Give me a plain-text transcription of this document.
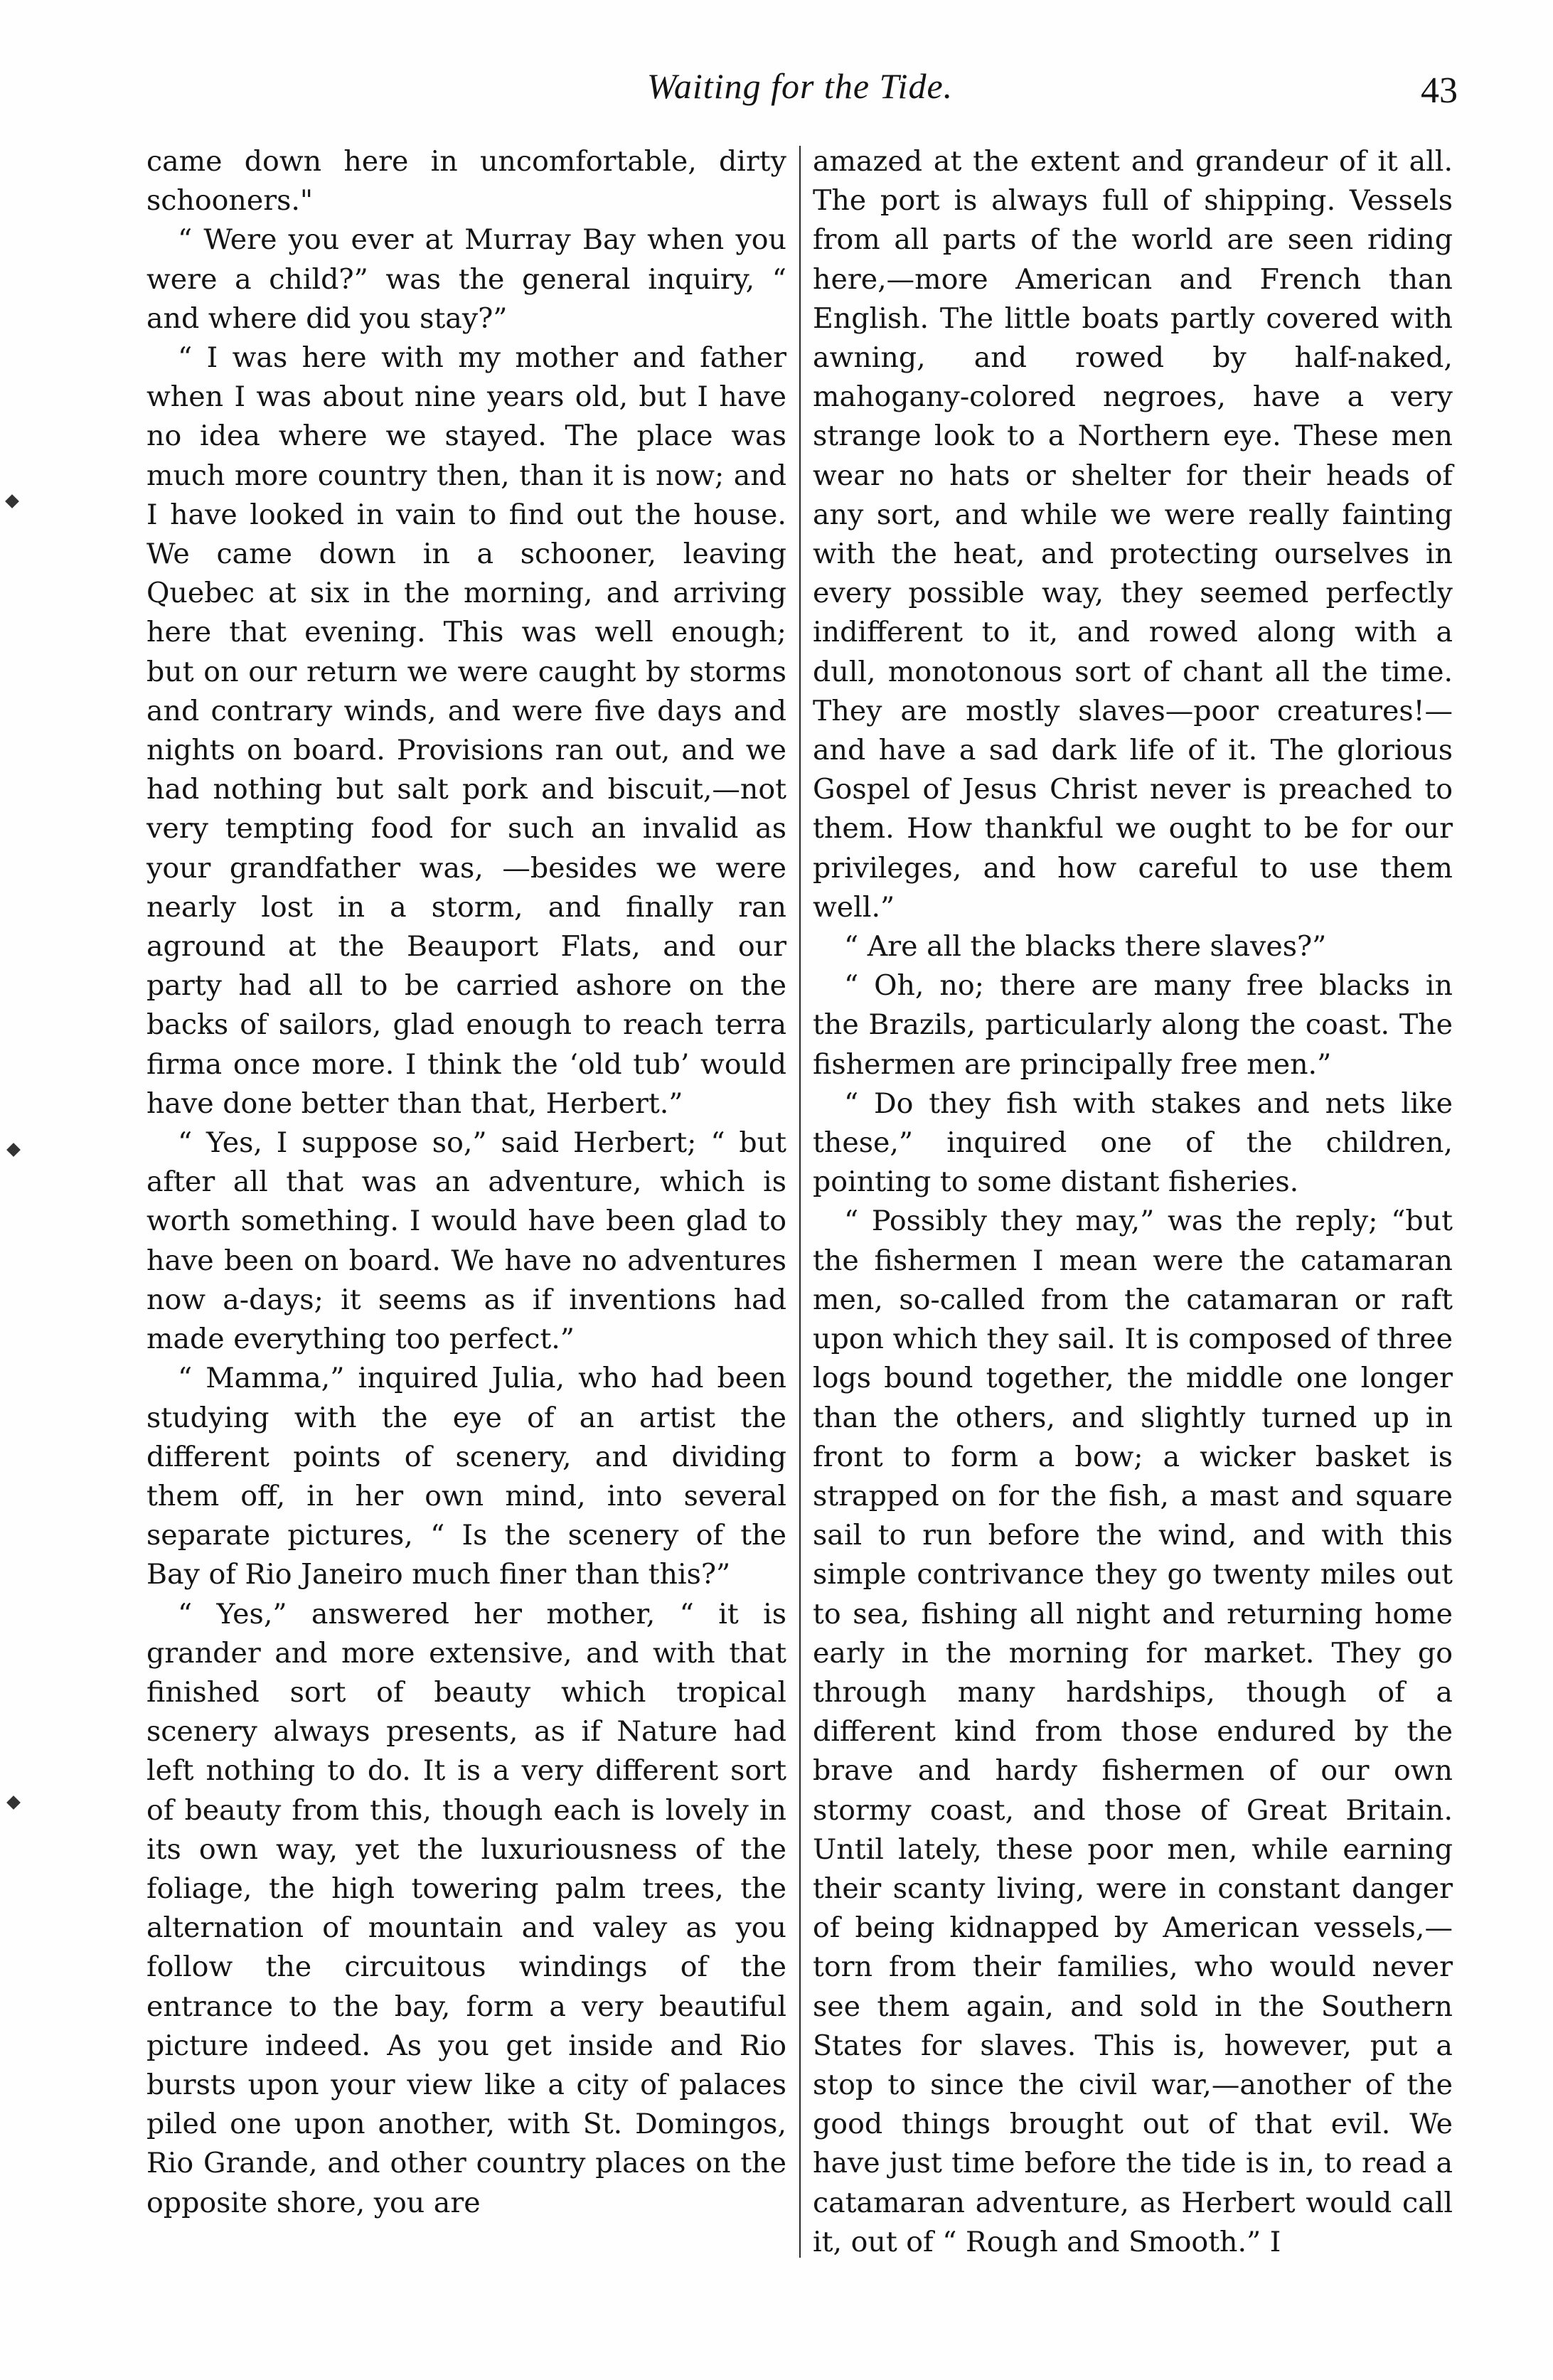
Waiting for the Tide.	43

came down here in uncomfortable, dirty schooners."

“ Were you ever at Murray Bay when you were a child?” was the general inquiry, “ and where did you stay?”

“ I was here with my mother and father when I was about nine years old, but I have no idea where we stayed. The place was much more country then, than it is now; and I have looked in vain to find out the house. We came down in a schooner, leaving Quebec at six in the morning, and arriving here that evening. This was well enough; but on our return we were caught by storms and contrary winds, and were five days and nights on board. Provisions ran out, and we had nothing but salt pork and biscuit,—not very tempting food for such an invalid as your grandfather was, —besides we were nearly lost in a storm, and finally ran aground at the Beauport Flats, and our party had all to be carried ashore on the backs of sailors, glad enough to reach terra firma once more. I think the ‘old tub’ would have done better than that, Herbert.”

“ Yes, I suppose so,” said Herbert; “ but after all that was an adventure, which is worth something. I would have been glad to have been on board. We have no adventures now a-days; it seems as if inventions had made everything too perfect.”

“ Mamma,” inquired Julia, who had been studying with the eye of an artist the different points of scenery, and dividing them off, in her own mind, into several separate pictures, “ Is the scenery of the Bay of Rio Janeiro much finer than this?”

“ Yes,” answered her mother, “ it is grander and more extensive, and with that finished sort of beauty which tropical scenery always presents, as if Nature had left nothing to do. It is a very different sort of beauty from this, though each is lovely in its own way, yet the luxuriousness of the foliage, the high towering palm trees, the alternation of mountain and valey as you follow the circuitous windings of the entrance to the bay, form a very beautiful picture indeed. As you get inside and Rio bursts upon your view like a city of palaces piled one upon another, with St. Domingos, Rio Grande, and other country places on the opposite shore, you are

amazed at the extent and grandeur of it all. The port is always full of shipping. Vessels from all parts of the world are seen riding here,—more American and French than English. The little boats partly covered with awning, and rowed by half-naked, mahogany-colored negroes, have a very strange look to a Northern eye. These men wear no hats or shelter for their heads of any sort, and while we were really fainting with the heat, and protecting ourselves in every possible way, they seemed perfectly indifferent to it, and rowed along with a dull, monotonous sort of chant all the time. They are mostly slaves—poor creatures!—and have a sad dark life of it. The glorious Gospel of Jesus Christ never is preached to them. How thankful we ought to be for our privileges, and how careful to use them well.”

“ Are all the blacks there slaves?”

“ Oh, no; there are many free blacks in the Brazils, particularly along the coast. The fishermen are principally free men.”

“ Do they fish with stakes and nets like these,” inquired one of the children, pointing to some distant fisheries.

“ Possibly they may,” was the reply; “but the fishermen I mean were the catamaran men, so-called from the catamaran or raft upon which they sail. It is composed of three logs bound together, the middle one longer than the others, and slightly turned up in front to form a bow; a wicker basket is strapped on for the fish, a mast and square sail to run before the wind, and with this simple contrivance they go twenty miles out to sea, fishing all night and returning home early in the morning for market. They go through many hardships, though of a different kind from those endured by the brave and hardy fishermen of our own stormy coast, and those of Great Britain. Until lately, these poor men, while earning their scanty living, were in constant danger of being kidnapped by American vessels,—torn from their families, who would never see them again, and sold in the Southern States for slaves. This is, however, put a stop to since the civil war,—another of the good things brought out of that evil. We have just time before the tide is in, to read a catamaran adventure, as Herbert would call it, out of “ Rough and Smooth.” I
